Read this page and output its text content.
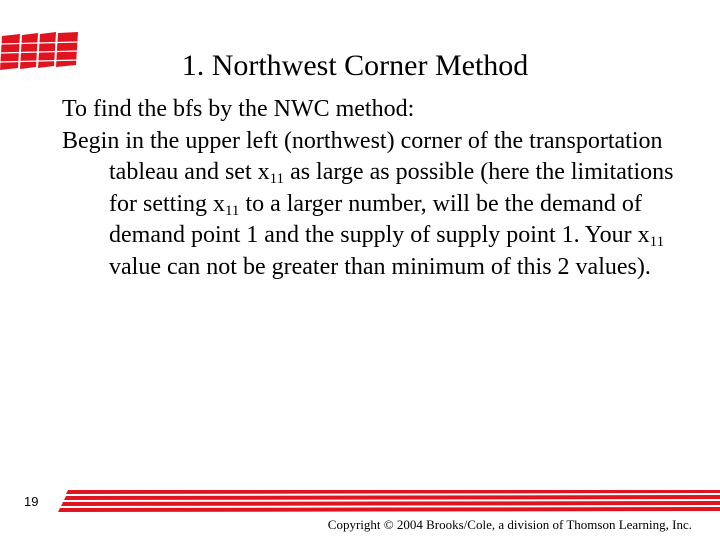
1. Northwest Corner Method

To find the bfs by the NWC method:

Begin in the upper left (northwest) corner of the transportation tableau and set $x_{11}$ as large as possible (here the limitations for setting $x_{11}$ to a larger number, will be the demand of demand point 1 and the supply of supply point 1. Your $x_{11}$ value can not be greater than minimum of this 2 values).

19
Copyright © 2004 Brooks/Cole, a division of Thomson Learning, Inc.
